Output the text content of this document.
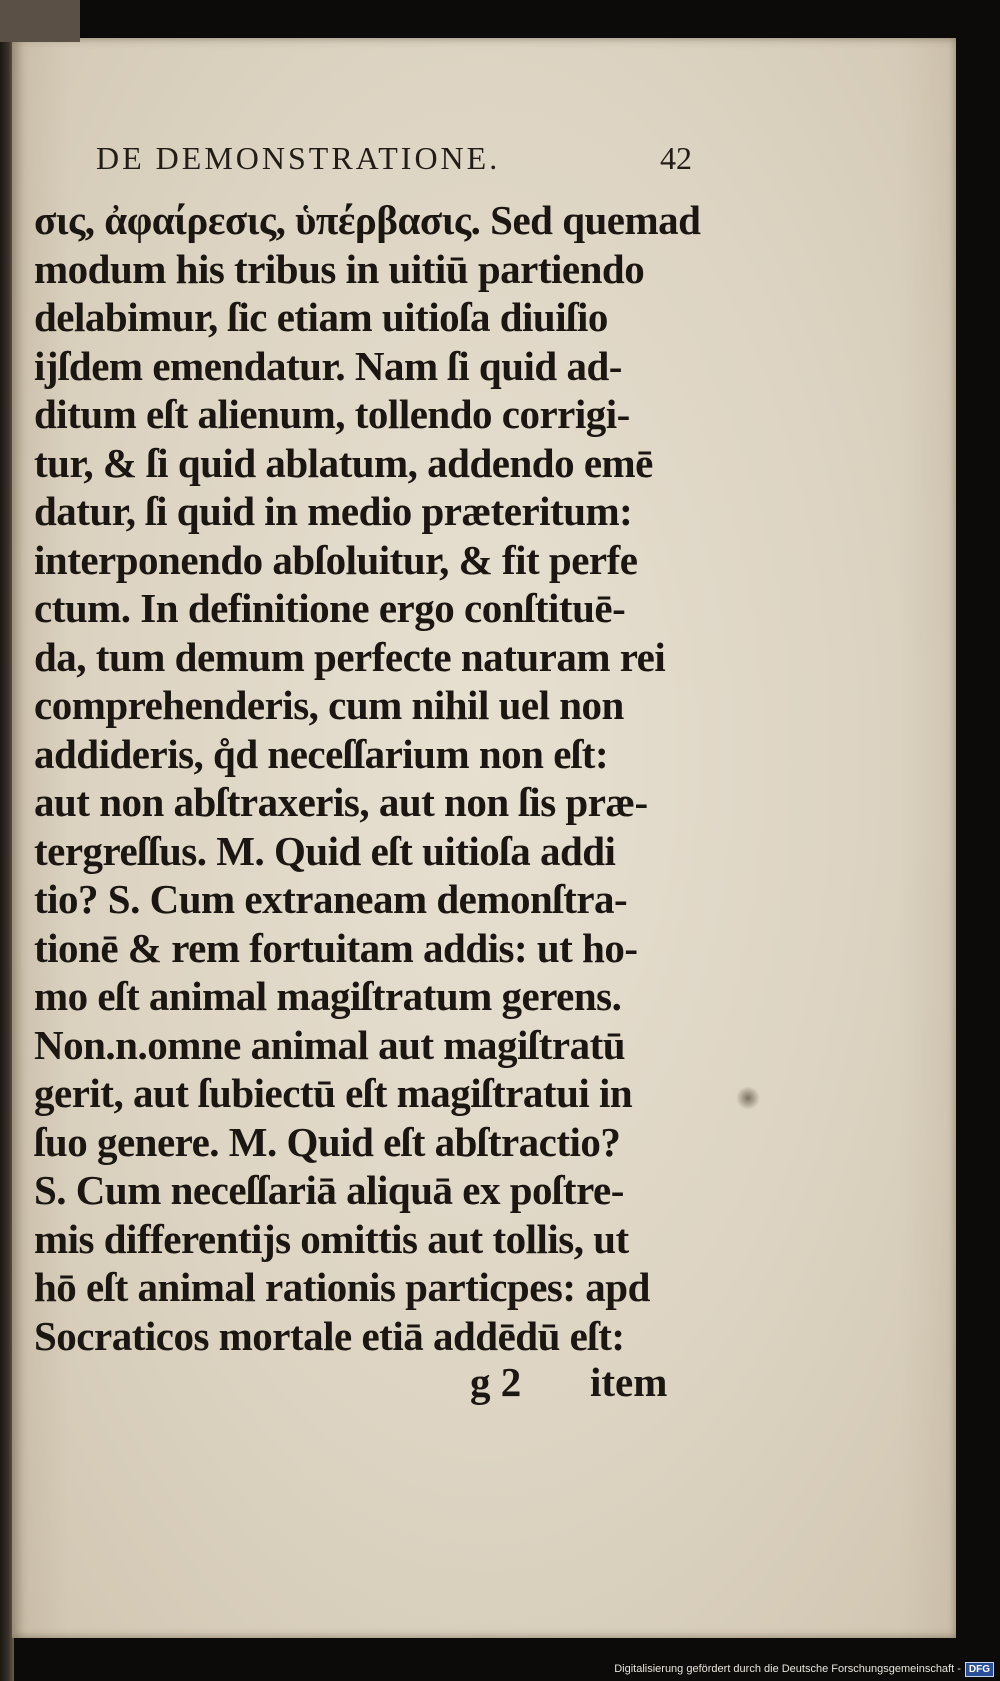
DE DEMONSTRATIONE.	42
σις, ἀφαίρεσις, ὑπέρβασις. Sed quemad
modum his tribus in uitiū partiendo
delabimur, ſic etiam uitioſa diuiſio
ijſdem emendatur. Nam ſi quid ad-
ditum eſt alienum, tollendo corrigi-
tur, & ſi quid ablatum, addendo emē
datur, ſi quid in medio prӕteritum:
interponendo abſoluitur, & fit perfe
ctum. In definitione ergo conſtituē-
da, tum demum perfecte naturam rei
comprehenderis, cum nihil uel non
addideris, q̊d neceſſarium non eſt:
aut non abſtraxeris, aut non ſis prӕ-
tergreſſus. M. Quid eſt uitioſa addi
tio? S. Cum extraneam demonſtra-
tionē & rem fortuitam addis: ut ho-
mo eſt animal magiſtratum gerens.
Non.n.omne animal aut magiſtratū
gerit, aut ſubiectū eſt magiſtratui in
ſuo genere. M. Quid eſt abſtractio?
S. Cum neceſſariā aliquā ex poſtre-
mis differentijs omittis aut tollis, ut
hō eſt animal rationis particpes: apd
Socraticos mortale etiā addēdū eſt:
g 2 item
Digitalisierung gefördert durch die Deutsche Forschungsgemeinschaft - DFG
